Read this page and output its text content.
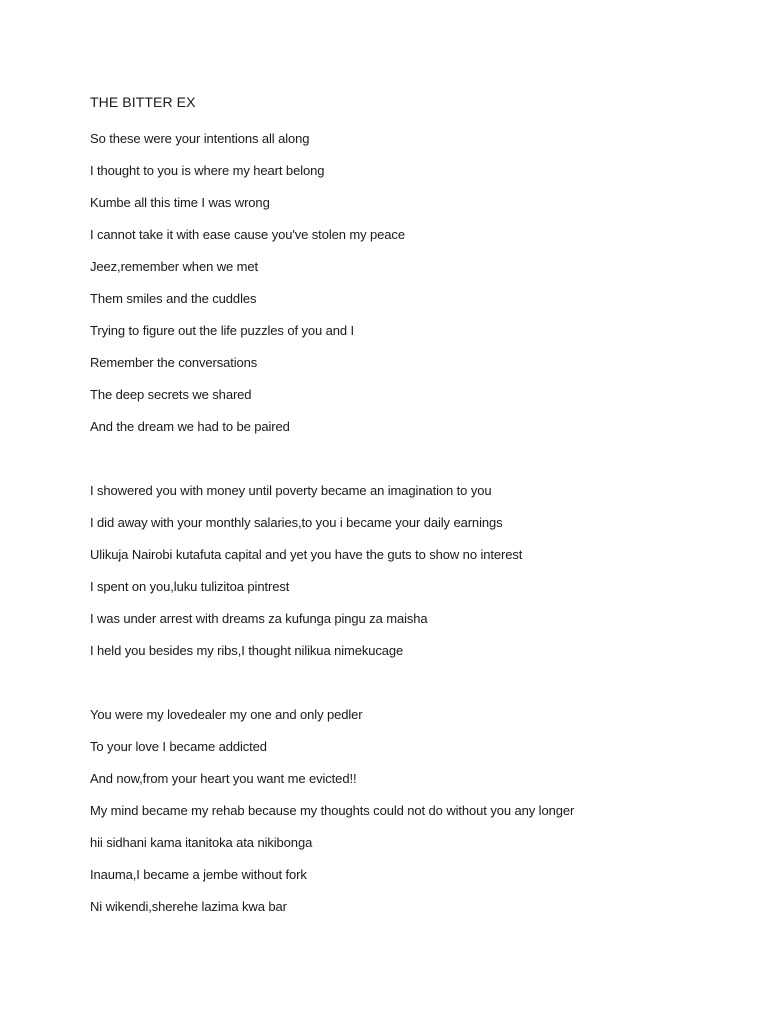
THE BITTER EX
So these were your intentions all along
I thought to you is where my heart belong
Kumbe all this time I was wrong
I cannot take it with ease cause you've stolen my peace
Jeez,remember when we met
Them smiles and the cuddles
Trying to figure out the life puzzles of you and I
Remember the conversations
The deep secrets we shared
And the dream we had to be paired
I showered you with money until poverty became an imagination to you
I did away with your monthly salaries,to you i became your daily earnings
Ulikuja Nairobi kutafuta capital and yet you have the guts to show no interest
I spent on you,luku tulizitoa pintrest
I was under arrest with dreams za kufunga pingu za maisha
I held you besides my ribs,I thought nilikua nimekucage
You were my lovedealer my one and only pedler
To your love I became addicted
And now,from your heart you want me evicted!!
My mind became my rehab because my thoughts could not do without you any longer
hii sidhani kama itanitoka ata nikibonga
Inauma,I became a jembe without fork
Ni wikendi,sherehe lazima kwa bar
